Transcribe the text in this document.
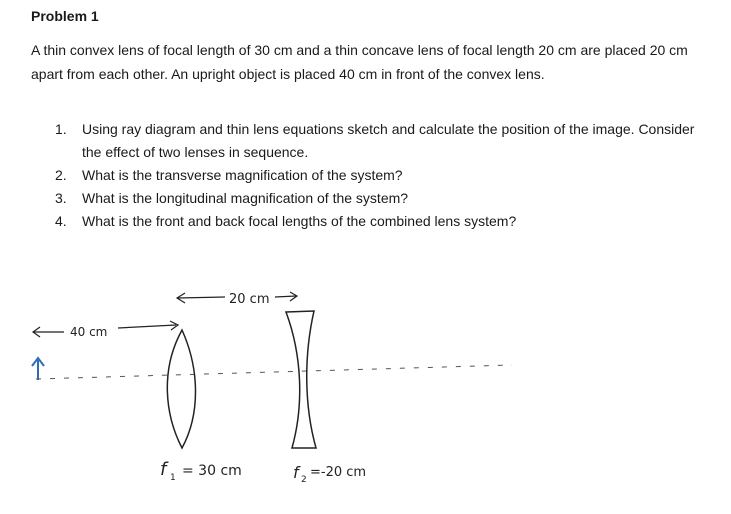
Problem 1
A thin convex lens of focal length of 30 cm and a thin concave lens of focal length 20 cm are placed 20 cm apart from each other. An upright object is placed 40 cm in front of the convex lens.
1. Using ray diagram and thin lens equations sketch and calculate the position of the image. Consider the effect of two lenses in sequence.
2. What is the transverse magnification of the system?
3. What is the longitudinal magnification of the system?
4. What is the front and back focal lengths of the combined lens system?
40 cm
20 cm
f 1 = 30 cm	f 2 =-20 cm
